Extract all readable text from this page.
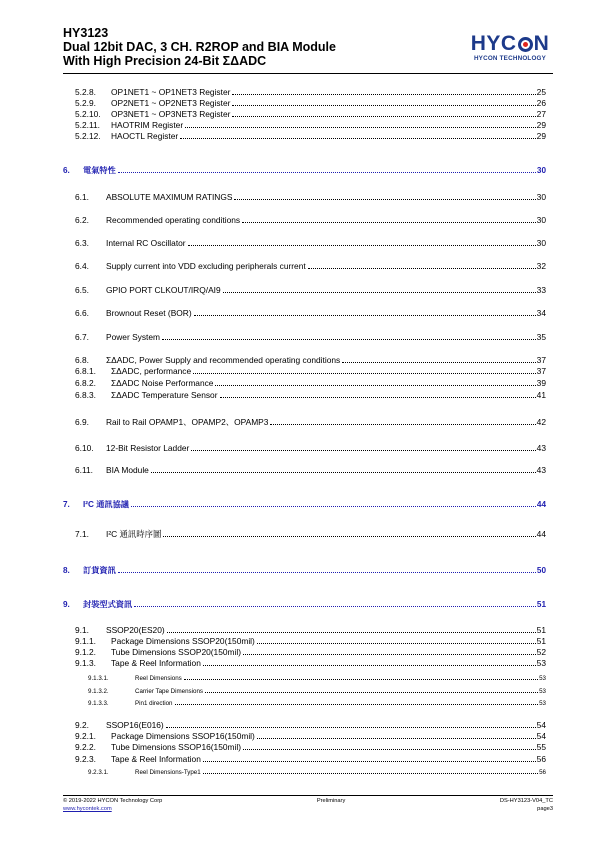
HY3123

Dual 12bit DAC, 3 CH. R2ROP and BIA Module

With High Precision 24-Bit ΣΔADC

HYC N
HYCON TECHNOLOGY
5.2.8.	OP1NET1 ~ OP1NET3 Register	25
5.2.9.	OP2NET1 ~ OP2NET3 Register	26
5.2.10.	OP3NET1 ~ OP3NET3 Register	27
5.2.11.	HAOTRIM Register	29
5.2.12.	HAOCTL Register	29
6.	電氣特性	30
6.1.	ABSOLUTE MAXIMUM RATINGS	30
6.2.	Recommended operating conditions	30
6.3.	Internal RC Oscillator	30
6.4.	Supply current into VDD excluding peripherals current	32
6.5.	GPIO PORT CLKOUT/IRQ/AI9	33
6.6.	Brownout Reset (BOR)	34
6.7.	Power System	35
6.8.	ΣΔADC, Power Supply and recommended operating conditions	37
6.8.1.	ΣΔADC, performance	37
6.8.2.	ΣΔADC Noise Performance	39
6.8.3.	ΣΔADC Temperature Sensor	41
6.9.	Rail to Rail OPAMP1、OPAMP2、OPAMP3	42
6.10.	12-Bit Resistor Ladder	43
6.11.	BIA Module	43
7.	I²C 通訊協議	44
7.1.	I²C 通訊時序圖	44
8.	訂貨資訊	50
9.	封裝型式資訊	51
9.1.	SSOP20(ES20)	51
9.1.1.	Package Dimensions SSOP20(150mil)	51
9.1.2.	Tube Dimensions SSOP20(150mil)	52
9.1.3.	Tape & Reel Information	53
9.1.3.1.	Reel Dimensions	53
9.1.3.2.	Carrier Tape Dimensions	53
9.1.3.3.	Pin1 direction	53
9.2.	SSOP16(E016)	54
9.2.1.	Package Dimensions SSOP16(150mil)	54
9.2.2.	Tube Dimensions SSOP16(150mil)	55
9.2.3.	Tape & Reel Information	56
9.2.3.1.	Reel Dimensions-Type1	56
© 2019-2022 HYCON Technology Corp	Preliminary	DS-HY3123-V04_TC
www.hycontek.com	page3
